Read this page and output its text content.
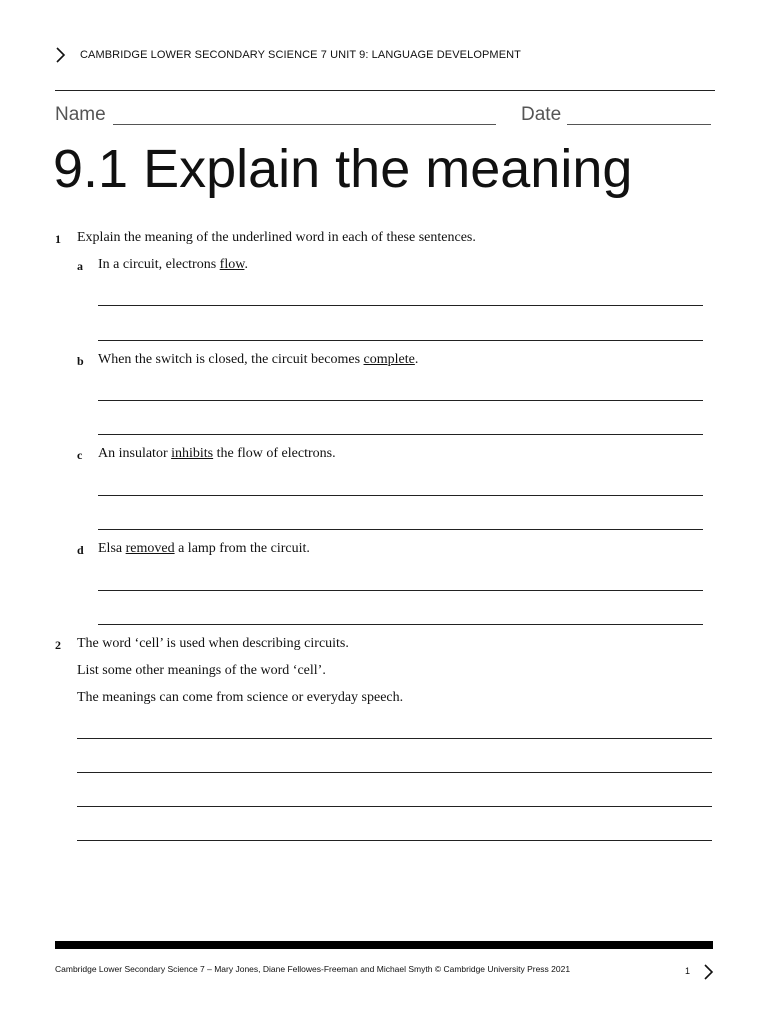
CAMBRIDGE LOWER SECONDARY SCIENCE 7 UNIT 9: LANGUAGE DEVELOPMENT
Name	Date
9.1 Explain the meaning
1 Explain the meaning of the underlined word in each of these sentences.
a In a circuit, electrons flow.
b When the switch is closed, the circuit becomes complete.
c An insulator inhibits the flow of electrons.
d Elsa removed a lamp from the circuit.
2 The word ‘cell’ is used when describing circuits.
List some other meanings of the word ‘cell’.
The meanings can come from science or everyday speech.
Cambridge Lower Secondary Science 7 – Mary Jones, Diane Fellowes-Freeman and Michael Smyth © Cambridge University Press 2021	1
